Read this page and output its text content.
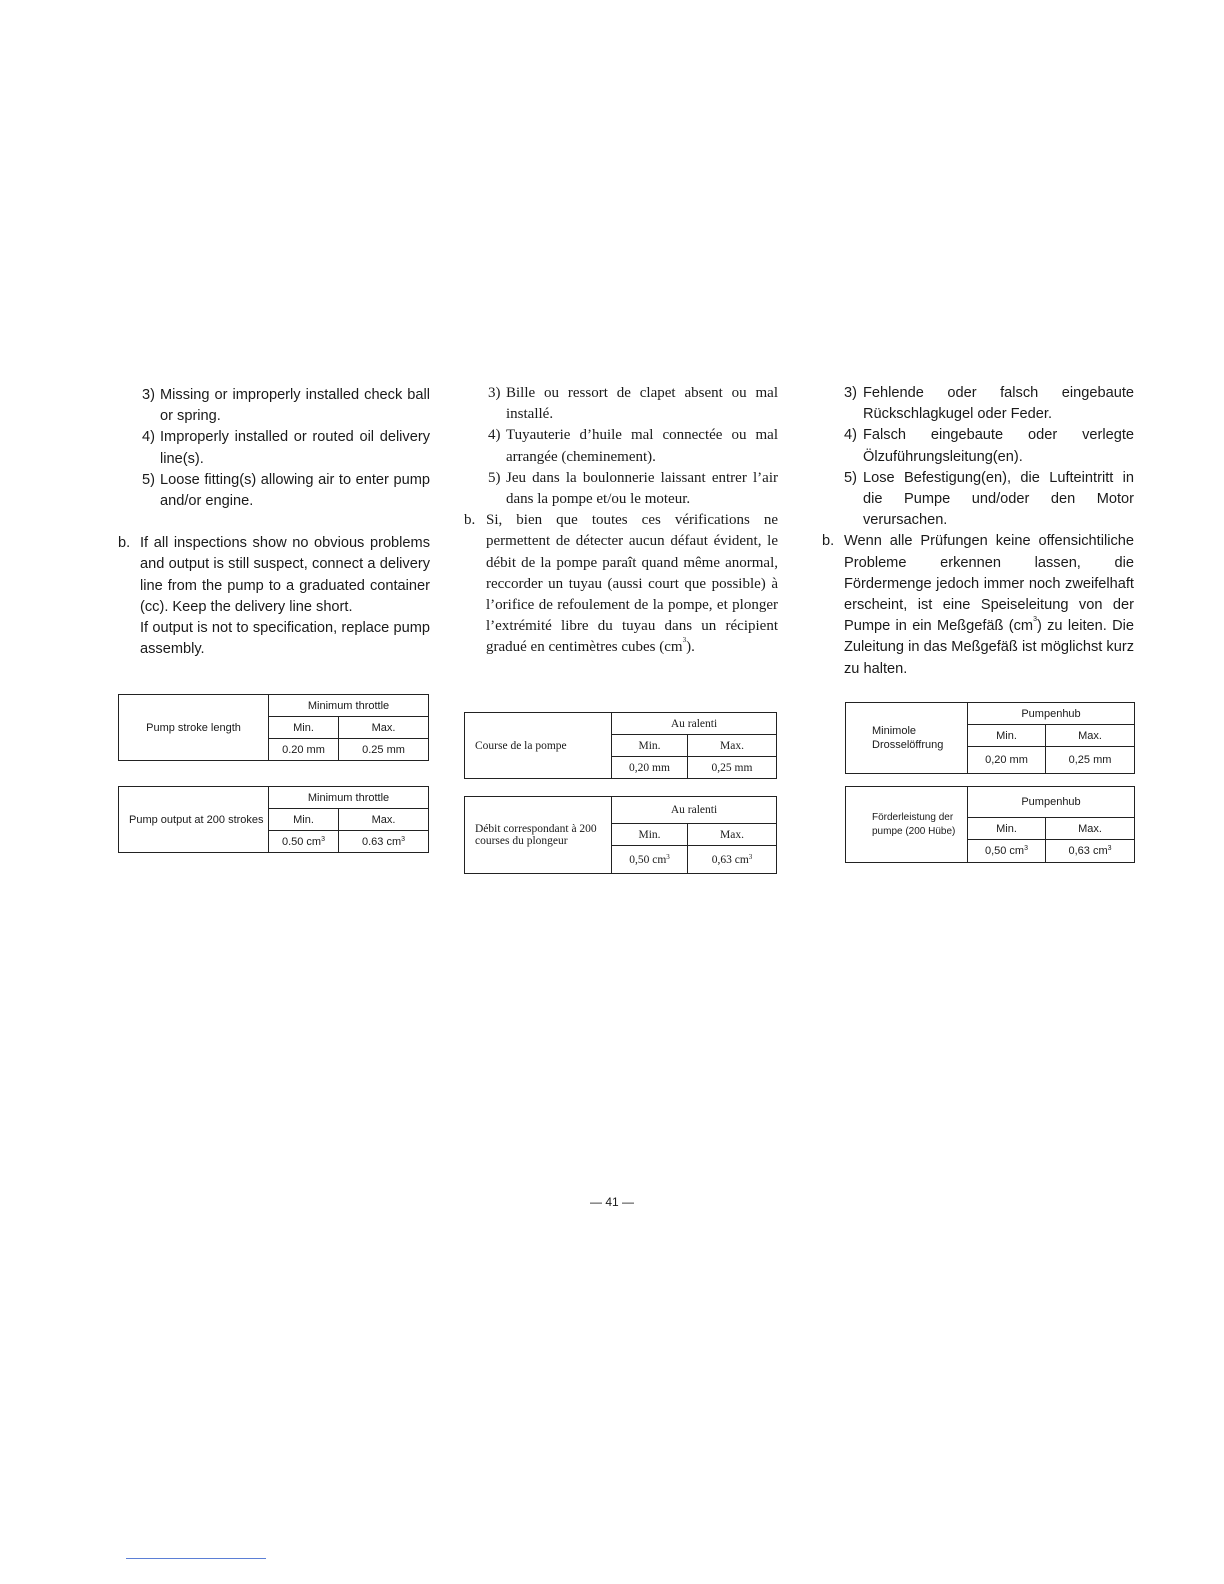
3) Missing or improperly installed check ball or spring.
4) Improperly installed or routed oil delivery line(s).
5) Loose fitting(s) allowing air to enter pump and/or engine.
b. If all inspections show no obvious problems and output is still suspect, connect a delivery line from the pump to a graduated container (cc). Keep the delivery line short.

If output is not to specification, replace pump assembly.

Pump stroke length	Minimum throttle	
	Min.	Max.
	0.20 mm	0.25 mm
Pump output at 200 strokes	Minimum throttle	
	Min.	Max.
	0.50 $cm^3$	0.63 $cm^3$
3) Bille ou ressort de clapet absent ou mal installé.
4) Tuyauterie d’huile mal connectée ou mal arrangée (cheminement).
5) Jeu dans la boulonnerie laissant entrer l’air dans la pompe et/ou le moteur.
b. Si, bien que toutes ces vérifications ne permettent de détecter aucun défaut évident, le débit de la pompe paraît quand même anormal, reccorder un tuyau (aussi court que possible) à l’orifice de refoulement de la pompe, et plonger l’extrémité libre du tuyau dans un récipient gradué en centimètres cubes $(cm^3)$.

Course de la pompe	Au ralenti	
	Min.	Max.
	0,20 mm	0,25 mm
Débit correspondant à 200 courses du plongeur	Au ralenti	
	Min.	Max.
	0,50 $cm^3$	0,63 $cm^3$
3) Fehlende oder falsch eingebaute Rückschlagkugel oder Feder.
4) Falsch eingebaute oder verlegte Ölzuführungsleitung(en).
5) Lose Befestigung(en), die Lufteintritt in die Pumpe und/oder den Motor verursachen.
b. Wenn alle Prüfungen keine offensichtiliche Probleme erkennen lassen, die Fördermenge jedoch immer noch zweifelhaft erscheint, ist eine Speiseleitung von der Pumpe in ein Meßgefäß $(cm^3)$ zu leiten. Die Zuleitung in das Meßgefäß ist möglichst kurz zu halten.

Minimole Drosselöffrung	Pumpenhub	
	Min.	Max.
	0,20 mm	0,25 mm
Förderleistung der pumpe (200 Hübe)	Pumpenhub	
	Min.	Max.
	0,50 $cm^3$	0,63 $cm^3$
— 41 —
